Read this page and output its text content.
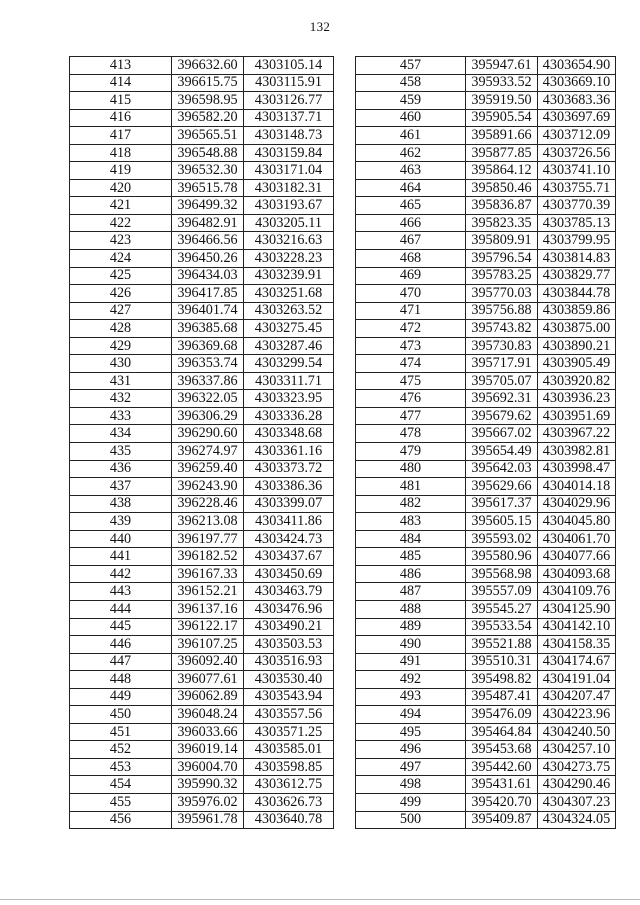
132
413	396632.60	4303105.14
414	396615.75	4303115.91
415	396598.95	4303126.77
416	396582.20	4303137.71
417	396565.51	4303148.73
418	396548.88	4303159.84
419	396532.30	4303171.04
420	396515.78	4303182.31
421	396499.32	4303193.67
422	396482.91	4303205.11
423	396466.56	4303216.63
424	396450.26	4303228.23
425	396434.03	4303239.91
426	396417.85	4303251.68
427	396401.74	4303263.52
428	396385.68	4303275.45
429	396369.68	4303287.46
430	396353.74	4303299.54
431	396337.86	4303311.71
432	396322.05	4303323.95
433	396306.29	4303336.28
434	396290.60	4303348.68
435	396274.97	4303361.16
436	396259.40	4303373.72
437	396243.90	4303386.36
438	396228.46	4303399.07
439	396213.08	4303411.86
440	396197.77	4303424.73
441	396182.52	4303437.67
442	396167.33	4303450.69
443	396152.21	4303463.79
444	396137.16	4303476.96
445	396122.17	4303490.21
446	396107.25	4303503.53
447	396092.40	4303516.93
448	396077.61	4303530.40
449	396062.89	4303543.94
450	396048.24	4303557.56
451	396033.66	4303571.25
452	396019.14	4303585.01
453	396004.70	4303598.85
454	395990.32	4303612.75
455	395976.02	4303626.73
456	395961.78	4303640.78
457	395947.61	4303654.90
458	395933.52	4303669.10
459	395919.50	4303683.36
460	395905.54	4303697.69
461	395891.66	4303712.09
462	395877.85	4303726.56
463	395864.12	4303741.10
464	395850.46	4303755.71
465	395836.87	4303770.39
466	395823.35	4303785.13
467	395809.91	4303799.95
468	395796.54	4303814.83
469	395783.25	4303829.77
470	395770.03	4303844.78
471	395756.88	4303859.86
472	395743.82	4303875.00
473	395730.83	4303890.21
474	395717.91	4303905.49
475	395705.07	4303920.82
476	395692.31	4303936.23
477	395679.62	4303951.69
478	395667.02	4303967.22
479	395654.49	4303982.81
480	395642.03	4303998.47
481	395629.66	4304014.18
482	395617.37	4304029.96
483	395605.15	4304045.80
484	395593.02	4304061.70
485	395580.96	4304077.66
486	395568.98	4304093.68
487	395557.09	4304109.76
488	395545.27	4304125.90
489	395533.54	4304142.10
490	395521.88	4304158.35
491	395510.31	4304174.67
492	395498.82	4304191.04
493	395487.41	4304207.47
494	395476.09	4304223.96
495	395464.84	4304240.50
496	395453.68	4304257.10
497	395442.60	4304273.75
498	395431.61	4304290.46
499	395420.70	4304307.23
500	395409.87	4304324.05
